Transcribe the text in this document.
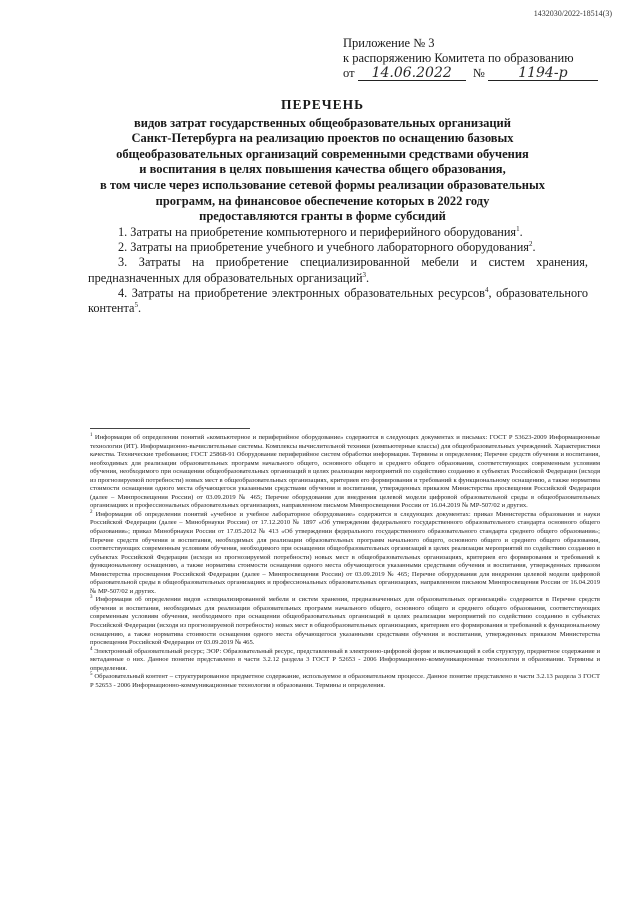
1432030/2022-18514(3)
Приложение № 3
к распоряжению Комитета по образованию
от 14.06.2022 № 1194-р
ПЕРЕЧЕНЬ
видов затрат государственных общеобразовательных организаций
Санкт-Петербурга на реализацию проектов по оснащению базовых
общеобразовательных организаций современными средствами обучения
и воспитания в целях повышения качества общего образования,
в том числе через использование сетевой формы реализации образовательных
программ, на финансовое обеспечение которых в 2022 году
предоставляются гранты в форме субсидий

1. Затраты на приобретение компьютерного и периферийного оборудования$^1$.

2. Затраты на приобретение учебного и учебного лабораторного оборудования$^2$.

3. Затраты на приобретение специализированной мебели и систем хранения, предназначенных для образовательных организаций$^3$.

4. Затраты на приобретение электронных образовательных ресурсов$^4$, образовательного контента$^5$.

$^1$ Информация об определении понятий «компьютерное и периферийное оборудование» содержится в следующих документах и письмах: ГОСТ Р 53623-2009 Информационные технологии (ИТ). Информационно-вычислительные системы. Комплексы вычислительной техники (компьютерные классы) для общеобразовательных учреждений. Характеристики качества. Технические требования; ГОСТ 25868-91 Оборудование периферийное систем обработки информации. Термины и определения; Перечне средств обучения и воспитания, необходимых для реализации образовательных программ начального общего, основного общего и среднего общего образования, соответствующих современным условиям обучения, необходимого при оснащении общеобразовательных организаций в целях реализации мероприятий по содействию созданию в субъектах Российской Федерации (исходя из прогнозируемой потребности) новых мест в общеобразовательных организациях, критериев его формирования и требований к функциональному оснащению, а также норматива стоимости оснащения одного места обучающегося указанными средствами обучения и воспитания, утвержденных приказом Министерства просвещения Российской Федерации (далее – Минпросвещения России) от 03.09.2019 № 465; Перечне оборудования для внедрения целевой модели цифровой образовательной среды в общеобразовательных организациях и профессиональных образовательных организациях, направленном письмом Минпросвещения России от 16.04.2019 № МР-507/02 и других.

$^2$ Информация об определении понятий «учебное и учебное лабораторное оборудование» содержится в следующих документах: приказ Министерства образования и науки Российской Федерации (далее – Минобрнауки России) от 17.12.2010 № 1897 «Об утверждении федерального государственного образовательного стандарта основного общего образования»; приказ Минобрнауки России от 17.05.2012 № 413 «Об утверждении федерального государственного образовательного стандарта среднего общего образования»; Перечне средств обучения и воспитания, необходимых для реализации образовательных программ начального общего, основного общего и среднего общего образования, соответствующих современным условиям обучения, необходимого при оснащении общеобразовательных организаций в целях реализации мероприятий по содействию созданию в субъектах Российской Федерации (исходя из прогнозируемой потребности) новых мест в общеобразовательных организациях, критериев его формирования и требований к функциональному оснащению, а также норматива стоимости оснащения одного места обучающегося указанными средствами обучения и воспитания, утвержденных приказом Министерства просвещения Российской Федерации (далее – Минпросвещения России) от 03.09.2019 № 465; Перечне оборудования для внедрения целевой модели цифровой образовательной среды в общеобразовательных организациях и профессиональных образовательных организациях, направленном письмом Минпросвещения России от 16.04.2019 № МР-507/02 и других.

$^3$ Информация об определении видов «специализированной мебели и систем хранения, предназначенных для образовательных организаций» содержится в Перечне средств обучения и воспитания, необходимых для реализации образовательных программ начального общего, основного общего и среднего общего образования, соответствующих современным условиям обучения, необходимого при оснащении общеобразовательных организаций в целях реализации мероприятий по содействию созданию в субъектах Российской Федерации (исходя из прогнозируемой потребности) новых мест в общеобразовательных организациях, критериев его формирования и требований к функциональному оснащению, а также норматива стоимости оснащения одного места обучающегося указанными средствами обучения и воспитания, утвержденных приказом Министерства просвещения Российской Федерации от 03.09.2019 № 465.

$^4$ Электронный образовательный ресурс; ЭОР: Образовательный ресурс, представленный в электронно-цифровой форме и включающий в себя структуру, предметное содержание и метаданные о них. Данное понятие представлено в части 3.2.12 раздела 3 ГОСТ Р 52653 - 2006 Информационно-коммуникационные технологии в образовании. Термины и определения.

$^5$ Образовательный контент – структурированное предметное содержание, используемое в образовательном процессе. Данное понятие представлено в части 3.2.13 раздела 3 ГОСТ Р 52653 - 2006 Информационно-коммуникационные технологии в образовании. Термины и определения.
